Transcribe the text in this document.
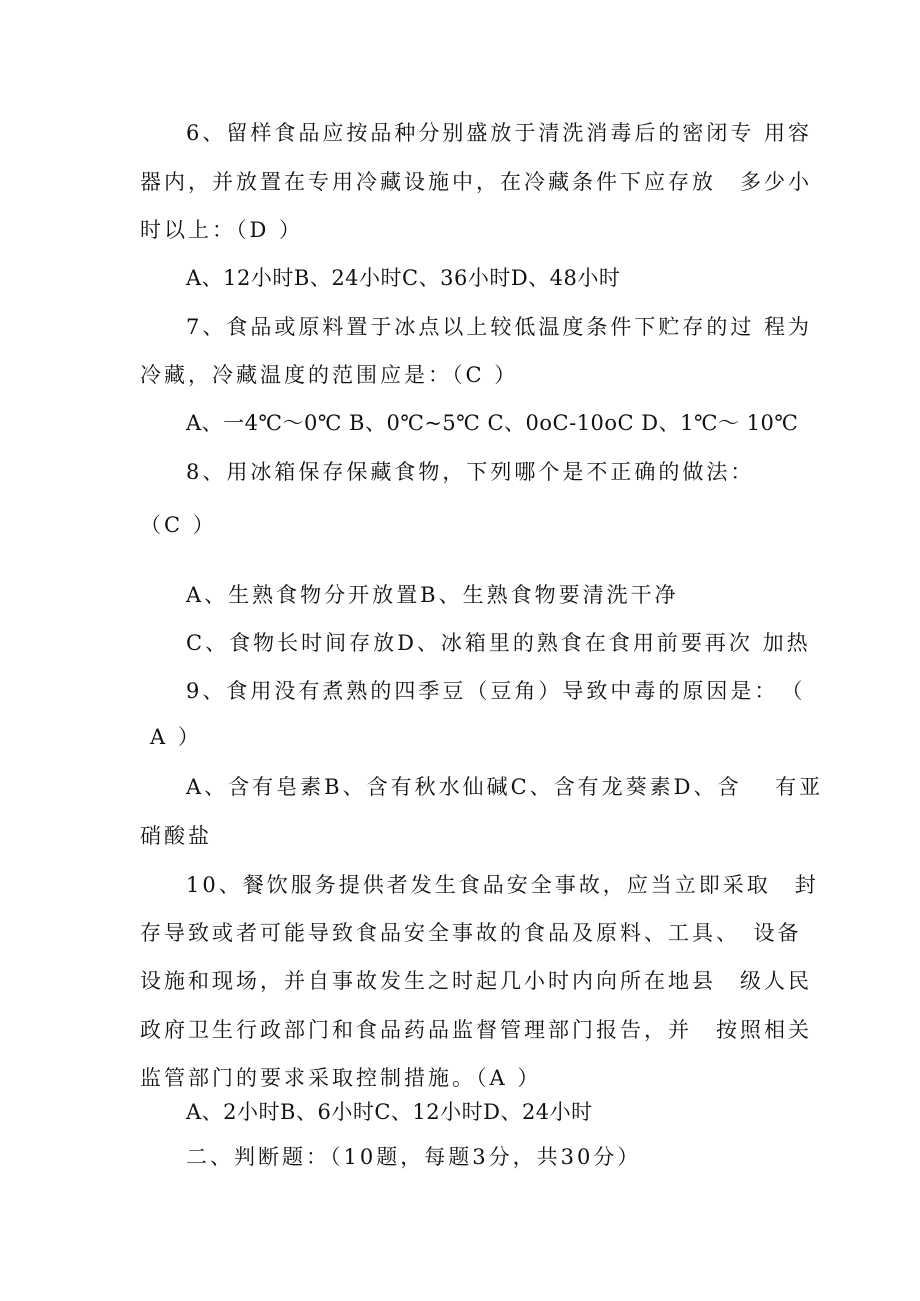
6、留样食品应按品种分别盛放于清洗消毒后的密闭专 用容
器内，并放置在专用冷藏设施中，在冷藏条件下应存放　多少小
时以上：（D ）
A、12小时B、24小时C、36小时D、48小时
7、食品或原料置于冰点以上较低温度条件下贮存的过 程为
冷藏，冷藏温度的范围应是：（C ）
A、一4℃～0℃ B、0℃~5℃ C、0oC-10oC D、1℃～ 10℃
8、用冰箱保存保藏食物，下列哪个是不正确的做法：
（C ）
A、生熟食物分开放置B、生熟食物要清洗干净
C、食物长时间存放D、冰箱里的熟食在食用前要再次 加热
9、食用没有煮熟的四季豆（豆角）导致中毒的原因是：　（
A ）
A、含有皂素B、含有秋水仙碱C、含有龙葵素D、含　 有亚
硝酸盐
10、餐饮服务提供者发生食品安全事故，应当立即采取　封
存导致或者可能导致食品安全事故的食品及原料、工具、　设备
设施和现场，并自事故发生之时起几小时内向所在地县　级人民
政府卫生行政部门和食品药品监督管理部门报告，并　按照相关
监管部门的要求采取控制措施。（A ）
A、2小时B、6小时C、12小时D、24小时
二、判断题：（10题，每题3分，共30分）
